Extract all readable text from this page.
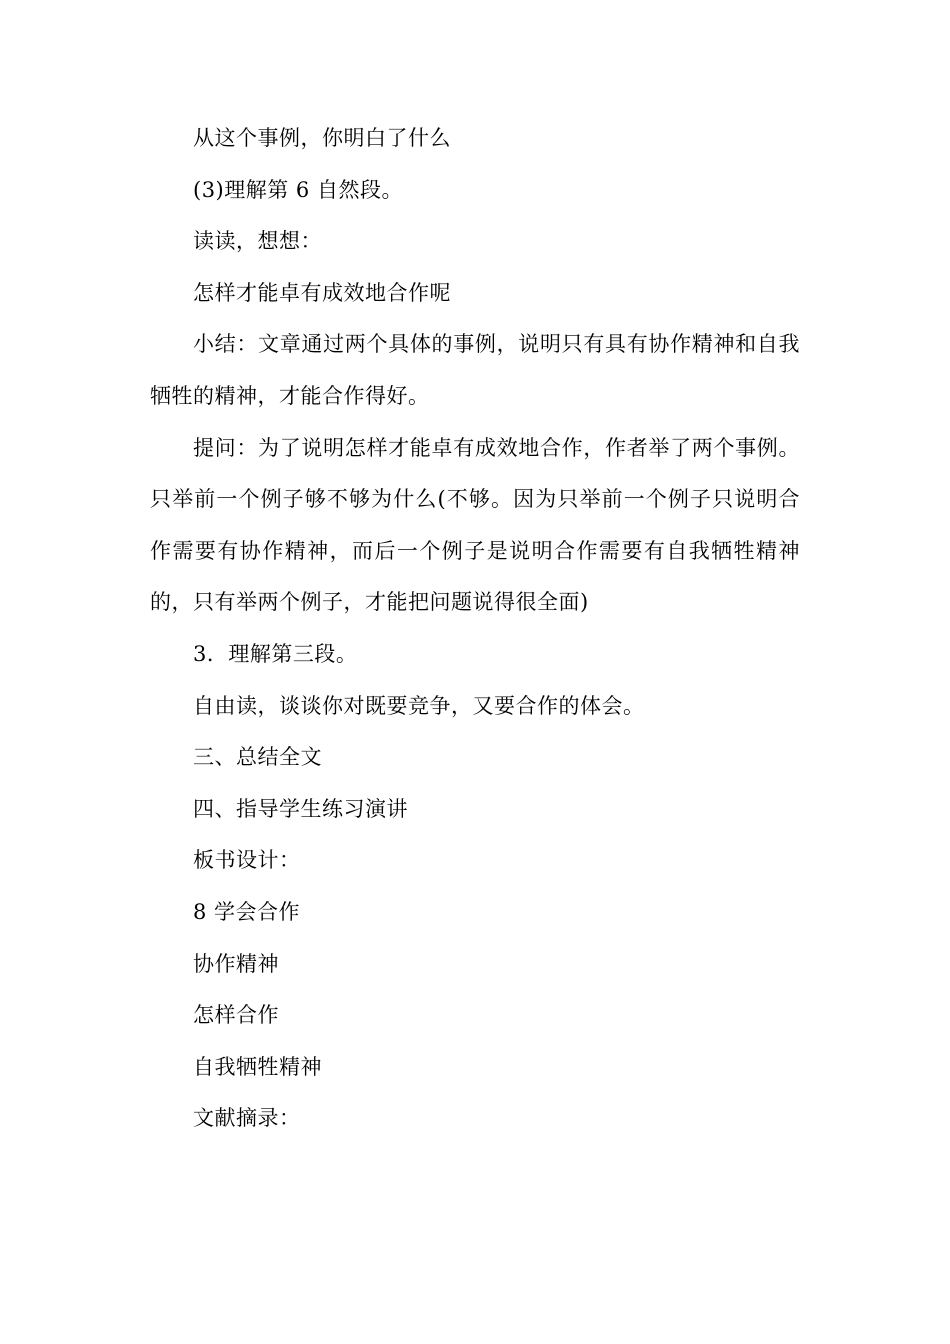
从这个事例，你明白了什么

(3)理解第 6 自然段。

读读，想想：

怎样才能卓有成效地合作呢

小结：文章通过两个具体的事例，说明只有具有协作精神和自我牺牲的精神，才能合作得好。

提问：为了说明怎样才能卓有成效地合作，作者举了两个事例。只举前一个例子够不够为什么(不够。因为只举前一个例子只说明合作需要有协作精神，而后一个例子是说明合作需要有自我牺牲精神的，只有举两个例子，才能把问题说得很全面)

3．理解第三段。

自由读，谈谈你对既要竞争，又要合作的体会。

三、总结全文

四、指导学生练习演讲

板书设计：

8 学会合作

协作精神

怎样合作

自我牺牲精神

文献摘录：
